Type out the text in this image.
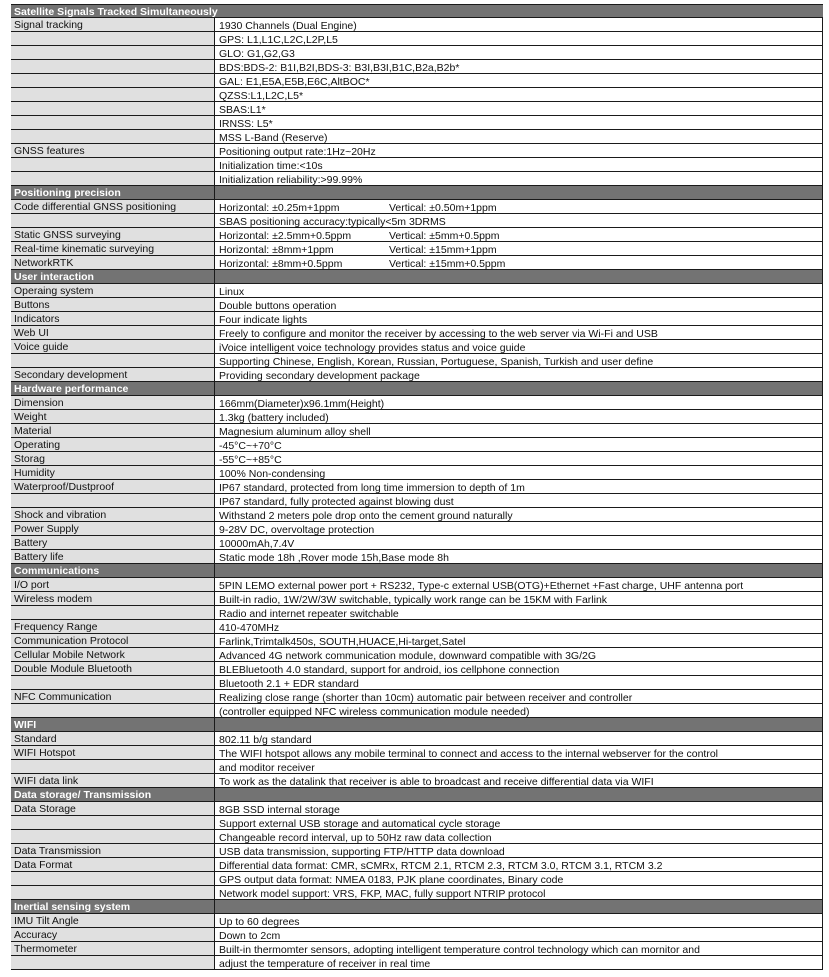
Satellite Signals Tracked Simultaneously
Signal tracking	1930 Channels (Dual Engine)
GPS: L1,L1C,L2C,L2P,L5
GLO: G1,G2,G3
BDS:BDS-2: B1I,B2I,BDS-3: B3I,B3I,B1C,B2a,B2b*
GAL: E1,E5A,E5B,E6C,AltBOC*
QZSS:L1,L2C,L5*
SBAS:L1*
IRNSS: L5*
MSS L-Band (Reserve)
GNSS features	Positioning output rate:1Hz~20Hz
Initialization time:<10s
Initialization reliability:>99.99%
Positioning precision
Code differential GNSS positioning	Horizontal: ±0.25m+1ppm	Vertical: ±0.50m+1ppm
SBAS positioning accuracy:typically<5m 3DRMS
Static GNSS surveying	Horizontal: ±2.5mm+0.5ppm	Vertical: ±5mm+0.5ppm
Real-time kinematic surveying	Horizontal: ±8mm+1ppm	Vertical: ±15mm+1ppm
NetworkRTK	Horizontal: ±8mm+0.5ppm	Vertical: ±15mm+0.5ppm
User interaction
Operaing system	Linux
Buttons	Double buttons operation
Indicators	Four indicate lights
Web UI	Freely to configure and monitor the receiver by accessing to the web server via Wi-Fi and USB
Voice guide	iVoice intelligent voice technology provides status and voice guide
Supporting Chinese, English, Korean, Russian, Portuguese, Spanish, Turkish and user define
Secondary development	Providing secondary development package
Hardware performance
Dimension	166mm(Diameter)x96.1mm(Height)
Weight	1.3kg (battery included)
Material	Magnesium aluminum alloy shell
Operating	-45°C~+70°C
Storag	-55°C~+85°C
Humidity	100% Non-condensing
Waterproof/Dustproof	IP67 standard, protected from long time immersion to depth of 1m
IP67 standard, fully protected against blowing dust
Shock and vibration	Withstand 2 meters pole drop onto the cement ground naturally
Power Supply	9-28V DC, overvoltage protection
Battery	10000mAh,7.4V
Battery life	Static mode 18h ,Rover mode 15h,Base mode 8h
Communications
I/O port	5PIN LEMO external power port + RS232, Type-c external USB(OTG)+Ethernet +Fast charge, UHF antenna port
Wireless modem	Built-in radio, 1W/2W/3W switchable, typically work range can be 15KM with Farlink
Radio and internet repeater switchable
Frequency Range	410-470MHz
Communication Protocol	Farlink,Trimtalk450s, SOUTH,HUACE,Hi-target,Satel
Cellular Mobile Network	Advanced 4G network communication module, downward compatible with 3G/2G
Double Module Bluetooth	BLEBluetooth 4.0 standard, support for android, ios cellphone connection
Bluetooth 2.1 + EDR standard
NFC Communication	Realizing close range (shorter than 10cm) automatic pair between receiver and controller
(controller equipped NFC wireless communication module needed)
WIFI
Standard	802.11 b/g standard
WIFI Hotspot	The WIFI hotspot allows any mobile terminal to connect and access to the internal webserver for the control
and moditor receiver
WIFI data link	To work as the datalink that receiver is able to broadcast and receive differential data via WIFI
Data storage/ Transmission
Data Storage	8GB SSD internal storage
Support external USB storage and automatical cycle storage
Changeable record interval, up to 50Hz raw data collection
Data Transmission	USB data transmission, supporting FTP/HTTP data download
Data Format	Differential data format: CMR, sCMRx, RTCM 2.1, RTCM 2.3, RTCM 3.0, RTCM 3.1, RTCM 3.2
GPS output data format: NMEA 0183, PJK plane coordinates, Binary code
Network model support: VRS, FKP, MAC, fully support NTRIP protocol
Inertial sensing system
IMU Tilt Angle	Up to 60 degrees
Accuracy	Down to 2cm
Thermometer	Built-in thermomter sensors, adopting intelligent temperature control technology which can mornitor and
adjust the temperature of receiver in real time
